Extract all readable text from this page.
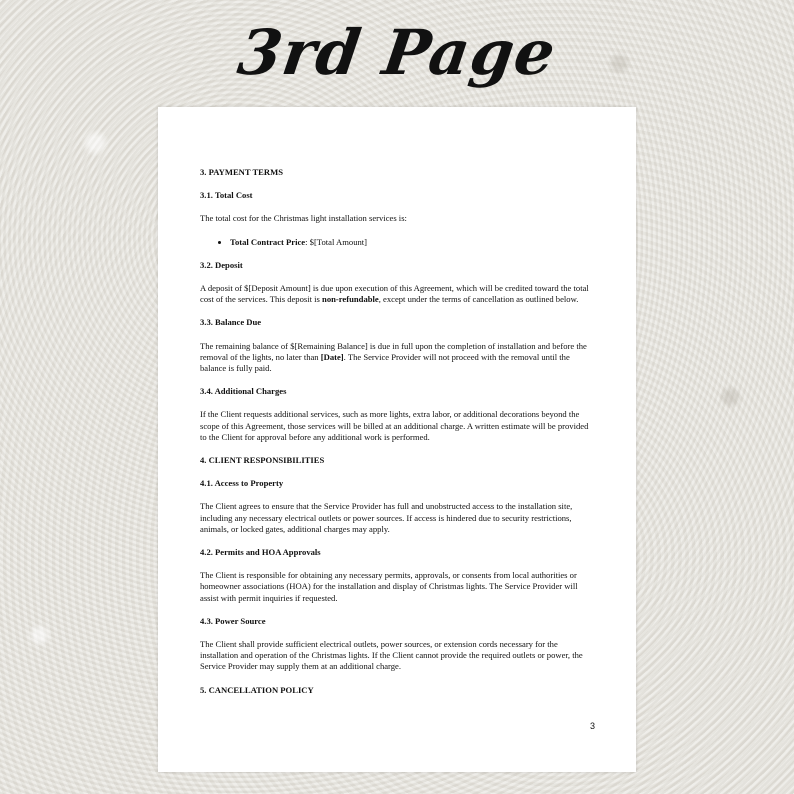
3rd Page
3. PAYMENT TERMS
3.1. Total Cost

The total cost for the Christmas light installation services is:

• Total Contract Price: $[Total Amount]
3.2. Deposit

A deposit of $[Deposit Amount] is due upon execution of this Agreement, which will be credited toward the total cost of the services. This deposit is non-refundable, except under the terms of cancellation as outlined below.

3.3. Balance Due

The remaining balance of $[Remaining Balance] is due in full upon the completion of installation and before the removal of the lights, no later than [Date]. The Service Provider will not proceed with the removal until the balance is fully paid.

3.4. Additional Charges

If the Client requests additional services, such as more lights, extra labor, or additional decorations beyond the scope of this Agreement, those services will be billed at an additional charge. A written estimate will be provided to the Client for approval before any additional work is performed.

4. CLIENT RESPONSIBILITIES
4.1. Access to Property

The Client agrees to ensure that the Service Provider has full and unobstructed access to the installation site, including any necessary electrical outlets or power sources. If access is hindered due to security restrictions, animals, or locked gates, additional charges may apply.

4.2. Permits and HOA Approvals

The Client is responsible for obtaining any necessary permits, approvals, or consents from local authorities or homeowner associations (HOA) for the installation and display of Christmas lights. The Service Provider will assist with permit inquiries if requested.

4.3. Power Source

The Client shall provide sufficient electrical outlets, power sources, or extension cords necessary for the installation and operation of the Christmas lights. If the Client cannot provide the required outlets or power, the Service Provider may supply them at an additional charge.

5. CANCELLATION POLICY
3
